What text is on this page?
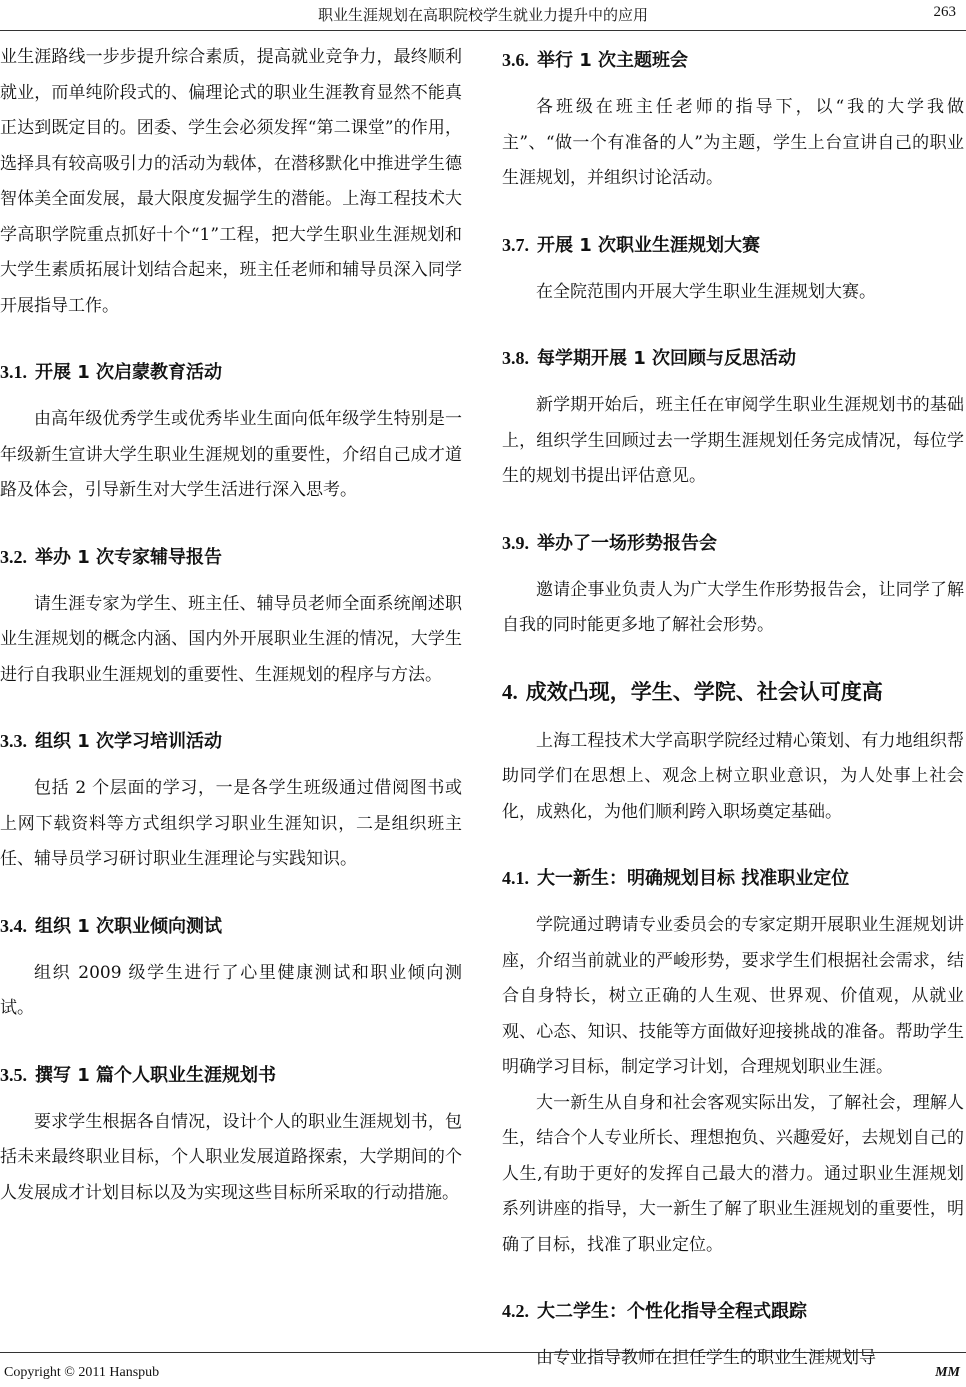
职业生涯规划在高职院校学生就业力提升中的应用	263

业生涯路线一步步提升综合素质，提高就业竞争力，最终顺利就业，而单纯阶段式的、偏理论式的职业生涯教育显然不能真正达到既定目的。团委、学生会必须发挥“第二课堂”的作用，选择具有较高吸引力的活动为载体，在潜移默化中推进学生德智体美全面发展，最大限度发掘学生的潜能。上海工程技术大学高职学院重点抓好十个“1”工程，把大学生职业生涯规划和大学生素质拓展计划结合起来，班主任老师和辅导员深入同学开展指导工作。

3.1. 开展 1 次启蒙教育活动

由高年级优秀学生或优秀毕业生面向低年级学生特别是一年级新生宣讲大学生职业生涯规划的重要性，介绍自己成才道路及体会，引导新生对大学生活进行深入思考。

3.2. 举办 1 次专家辅导报告

请生涯专家为学生、班主任、辅导员老师全面系统阐述职业生涯规划的概念内涵、国内外开展职业生涯的情况，大学生进行自我职业生涯规划的重要性、生涯规划的程序与方法。

3.3. 组织 1 次学习培训活动

包括 2 个层面的学习，一是各学生班级通过借阅图书或上网下载资料等方式组织学习职业生涯知识，二是组织班主任、辅导员学习研讨职业生涯理论与实践知识。

3.4. 组织 1 次职业倾向测试

组织 2009 级学生进行了心里健康测试和职业倾向测试。

3.5. 撰写 1 篇个人职业生涯规划书

要求学生根据各自情况，设计个人的职业生涯规划书，包括未来最终职业目标，个人职业发展道路探索，大学期间的个人发展成才计划目标以及为实现这些目标所采取的行动措施。

3.6. 举行 1 次主题班会

各班级在班主任老师的指导下，以“我的大学我做主”、“做一个有准备的人”为主题，学生上台宣讲自己的职业生涯规划，并组织讨论活动。

3.7. 开展 1 次职业生涯规划大赛

在全院范围内开展大学生职业生涯规划大赛。

3.8. 每学期开展 1 次回顾与反思活动

新学期开始后，班主任在审阅学生职业生涯规划书的基础上，组织学生回顾过去一学期生涯规划任务完成情况，每位学生的规划书提出评估意见。

3.9. 举办了一场形势报告会

邀请企事业负责人为广大学生作形势报告会，让同学了解自我的同时能更多地了解社会形势。

4. 成效凸现，学生、学院、社会认可度高

上海工程技术大学高职学院经过精心策划、有力地组织帮助同学们在思想上、观念上树立职业意识，为人处事上社会化，成熟化，为他们顺利跨入职场奠定基础。

4.1. 大一新生：明确规划目标 找准职业定位

学院通过聘请专业委员会的专家定期开展职业生涯规划讲座，介绍当前就业的严峻形势，要求学生们根据社会需求，结合自身特长，树立正确的人生观、世界观、价值观，从就业观、心态、知识、技能等方面做好迎接挑战的准备。帮助学生明确学习目标，制定学习计划，合理规划职业生涯。

大一新生从自身和社会客观实际出发，了解社会，理解人生，结合个人专业所长、理想抱负、兴趣爱好，去规划自己的人生,有助于更好的发挥自己最大的潜力。通过职业生涯规划系列讲座的指导，大一新生了解了职业生涯规划的重要性，明确了目标，找准了职业定位。

4.2. 大二学生：个性化指导全程式跟踪

由专业指导教师在担任学生的职业生涯规划导

Copyright © 2011 Hanspub	MM
